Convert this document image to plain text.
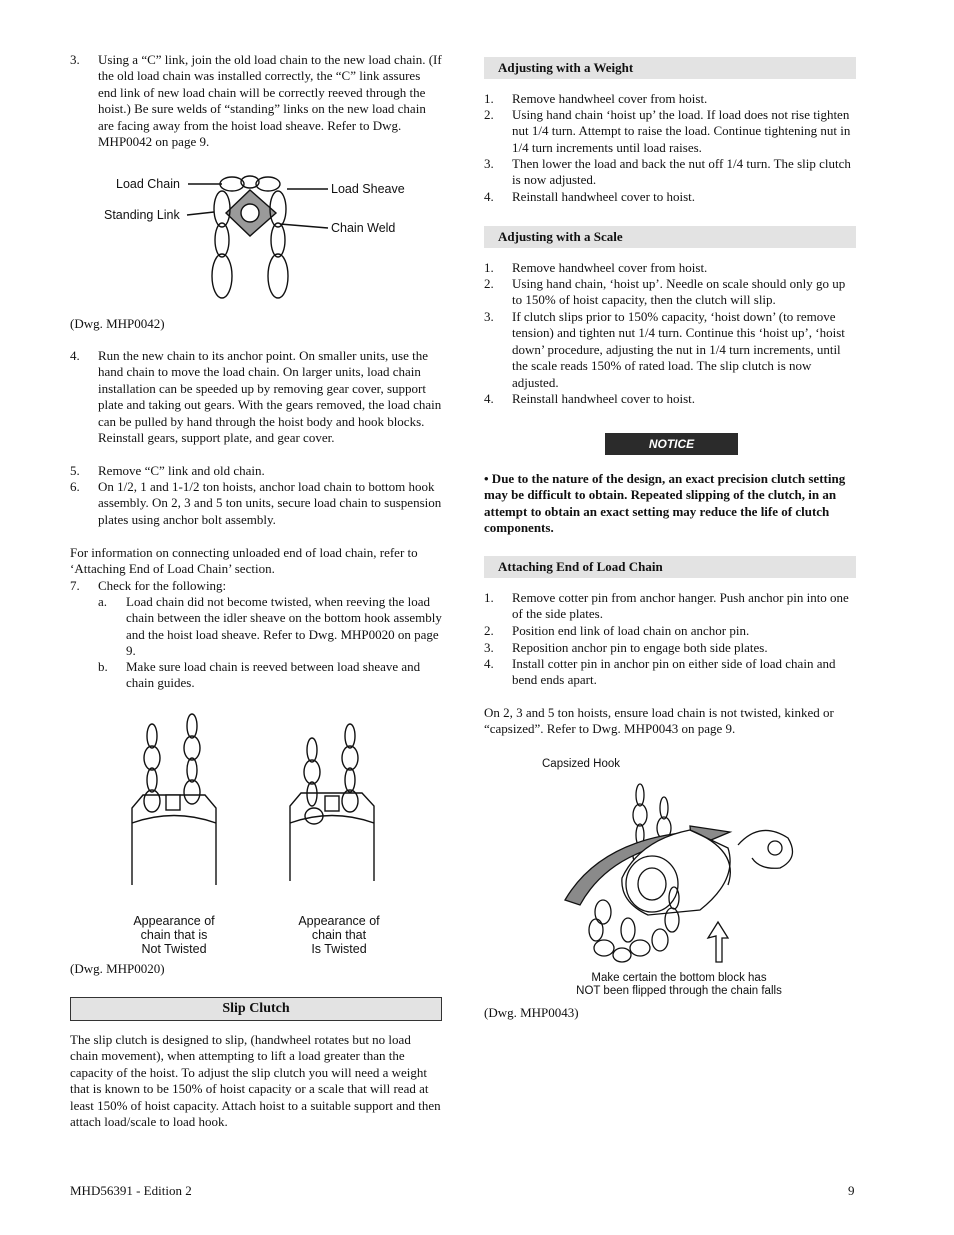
3. Using a “C” link, join the old load chain to the new load chain. (If the old load chain was installed correctly, the “C” link assures end link of new load chain will be correctly reeved through the hoist.) Be sure welds of “standing” links on the new load chain are facing away from the hoist load sheave. Refer to Dwg. MHP0042 on page 9.
Load Chain
Standing Link
Load Sheave
Chain Weld
(Dwg. MHP0042)
4. Run the new chain to its anchor point. On smaller units, use the hand chain to move the load chain. On larger units, load chain installation can be speeded up by removing gear cover, support plate and taking out gears. With the gears removed, the load chain can be pulled by hand through the hoist body and hook blocks. Reinstall gears, support plate, and gear cover.
5. Remove “C” link and old chain.
6. On 1/2, 1 and 1-1/2 ton hoists, anchor load chain to bottom hook assembly. On 2, 3 and 5 ton units, secure load chain to suspension plates using anchor bolt assembly.

For information on connecting unloaded end of load chain, refer to ‘Attaching End of Load Chain’ section.

7. Check for the following:
a. Load chain did not become twisted, when reeving the load chain between the idler sheave on the bottom hook assembly and the hoist load sheave. Refer to Dwg. MHP0020 on page 9.
b. Make sure load chain is reeved between load sheave and chain guides.
Appearance of
chain that is
Not Twisted
Appearance of
chain that
Is Twisted
(Dwg. MHP0020)
Slip Clutch

The slip clutch is designed to slip, (handwheel rotates but no load chain movement), when attempting to lift a load greater than the capacity of the hoist. To adjust the slip clutch you will need a weight that is known to be 150% of hoist capacity or a scale that will read at least 150% of hoist capacity. Attach hoist to a suitable support and then attach load/scale to load hook.

Adjusting with a Weight
1. Remove handwheel cover from hoist.
2. Using hand chain ‘hoist up’ the load. If load does not rise tighten nut 1/4 turn. Attempt to raise the load. Continue tightening nut in 1/4 turn increments until load raises.
3. Then lower the load and back the nut off 1/4 turn. The slip clutch is now adjusted.
4. Reinstall handwheel cover to hoist.
Adjusting with a Scale
1. Remove handwheel cover from hoist.
2. Using hand chain, ‘hoist up’. Needle on scale should only go up to 150% of hoist capacity, then the clutch will slip.
3. If clutch slips prior to 150% capacity, ‘hoist down’ (to remove tension) and tighten nut 1/4 turn. Continue this ‘hoist up’, ‘hoist down’ procedure, adjusting the nut in 1/4 turn increments, until the scale reads 150% of rated load. The slip clutch is now adjusted.
4. Reinstall handwheel cover to hoist.
NOTICE

• Due to the nature of the design, an exact precision clutch setting may be difficult to obtain. Repeated slipping of the clutch, in an attempt to obtain an exact setting may reduce the life of clutch components.

Attaching End of Load Chain
1. Remove cotter pin from anchor hanger. Push anchor pin into one of the side plates.
2. Position end link of load chain on anchor pin.
3. Reposition anchor pin to engage both side plates.
4. Install cotter pin in anchor pin on either side of load chain and bend ends apart.

On 2, 3 and 5 ton hoists, ensure load chain is not twisted, kinked or “capsized”. Refer to Dwg. MHP0043 on page 9.

Capsized Hook
Make certain the bottom block has
NOT been flipped through the chain falls
(Dwg. MHP0043)
MHD56391 - Edition 2	9
